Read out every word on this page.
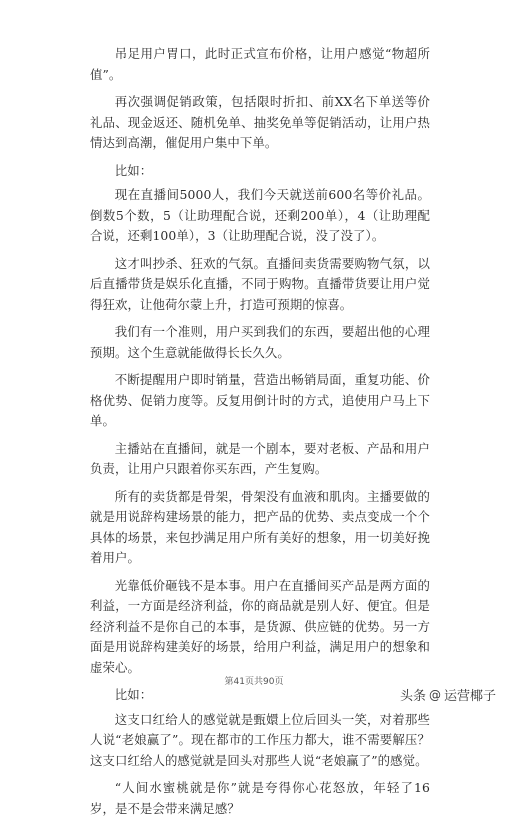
吊足用户胃口，此时正式宣布价格，让用户感觉“物超所值”。

再次强调促销政策，包括限时折扣、前XX名下单送等价礼品、现金返还、随机免单、抽奖免单等促销活动，让用户热情达到高潮，催促用户集中下单。

比如：

现在直播间5000人，我们今天就送前600名等价礼品。倒数5个数，5（让助理配合说，还剩200单），4（让助理配合说，还剩100单），3（让助理配合说，没了没了）。

这才叫抄杀、狂欢的气氛。直播间卖货需要购物气氛，以后直播带货是娱乐化直播，不同于购物。直播带货要让用户觉得狂欢，让他荷尔蒙上升，打造可预期的惊喜。

我们有一个准则，用户买到我们的东西，要超出他的心理预期。这个生意就能做得长长久久。

不断提醒用户即时销量，营造出畅销局面，重复功能、价格优势、促销力度等。反复用倒计时的方式，追使用户马上下单。

主播站在直播间，就是一个剧本，要对老板、产品和用户负责，让用户只跟着你买东西，产生复购。

所有的卖货都是骨架，骨架没有血液和肌肉。主播要做的就是用说辞构建场景的能力，把产品的优势、卖点变成一个个具体的场景，来包抄满足用户所有美好的想象，用一切美好挽着用户。

光靠低价砸钱不是本事。用户在直播间买产品是两方面的利益，一方面是经济利益，你的商品就是别人好、便宜。但是经济利益不是你自己的本事，是货源、供应链的优势。另一方面是用说辞构建美好的场景，给用户利益，满足用户的想象和虚荣心。

比如：

这支口红给人的感觉就是甄嬛上位后回头一笑，对着那些人说“老娘赢了”。现在都市的工作压力都大，谁不需要解压？这支口红给人的感觉就是回头对那些人说“老娘赢了”的感觉。

“人间水蜜桃就是你”就是夸得你心花怒放，年轻了16岁，是不是会带来满足感？

第41页共90页
头条 @ 运营椰子
